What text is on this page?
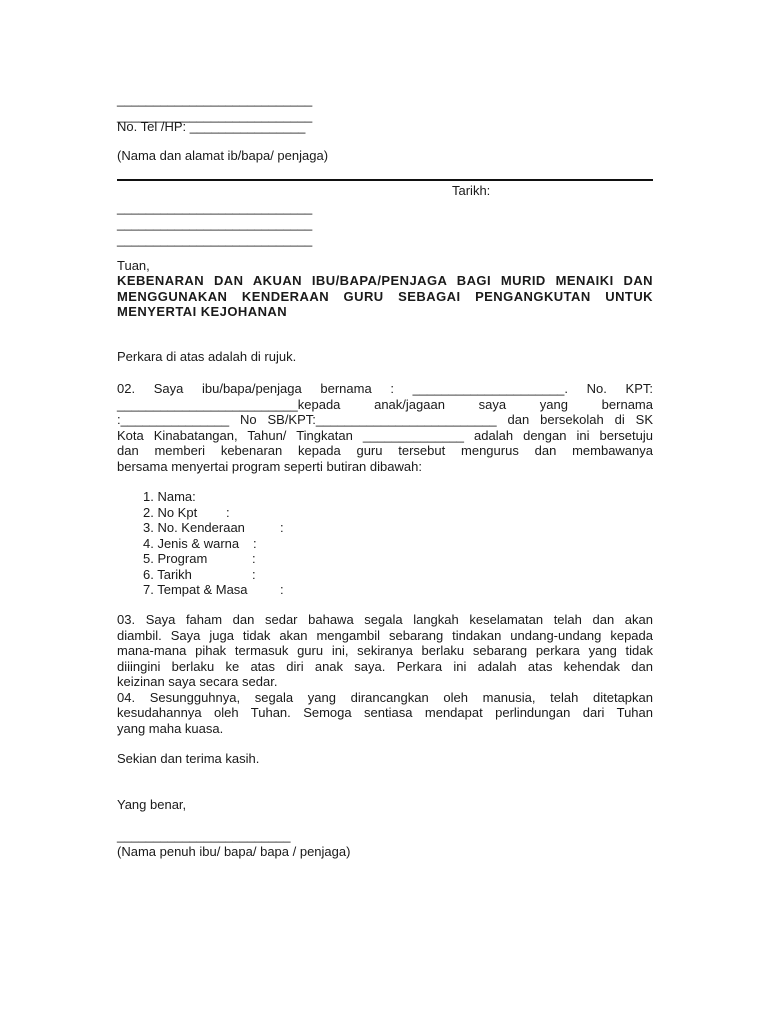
___________________________
___________________________
No. Tel /HP: ________________
(Nama dan alamat ib/bapa/ penjaga)
Tarikh:
___________________________
___________________________
___________________________
Tuan,
KEBENARAN DAN AKUAN IBU/BAPA/PENJAGA BAGI MURID MENAIKI DAN
MENGGUNAKAN KENDERAAN GURU SEBAGAI PENGANGKUTAN UNTUK
MENYERTAI KEJOHANAN
Perkara di atas adalah di rujuk.
02. Saya ibu/bapa/penjaga bernama : _____________________. No. KPT:
_________________________kepada anak/jagaan saya yang bernama
:_______________ No SB/KPT:_________________________ dan bersekolah di SK
Kota Kinabatangan, Tahun/ Tingkatan ______________ adalah dengan ini bersetuju
dan memberi kebenaran kepada guru tersebut mengurus dan membawanya
bersama menyertai program seperti butiran dibawah:
1. Nama:
2. No Kpt :
3. No. Kenderaan	:
4. Jenis & warna :
5. Program	:
6. Tarikh	:
7. Tempat & Masa :
03. Saya faham dan sedar bahawa segala langkah keselamatan telah dan akan
diambil. Saya juga tidak akan mengambil sebarang tindakan undang-undang kepada
mana-mana pihak termasuk guru ini, sekiranya berlaku sebarang perkara yang tidak
diiingini berlaku ke atas diri anak saya. Perkara ini adalah atas kehendak dan
keizinan saya secara sedar.
04. Sesungguhnya, segala yang dirancangkan oleh manusia, telah ditetapkan
kesudahannya oleh Tuhan. Semoga sentiasa mendapat perlindungan dari Tuhan
yang maha kuasa.
Sekian dan terima kasih.
Yang benar,
________________________
(Nama penuh ibu/ bapa/ bapa / penjaga)
